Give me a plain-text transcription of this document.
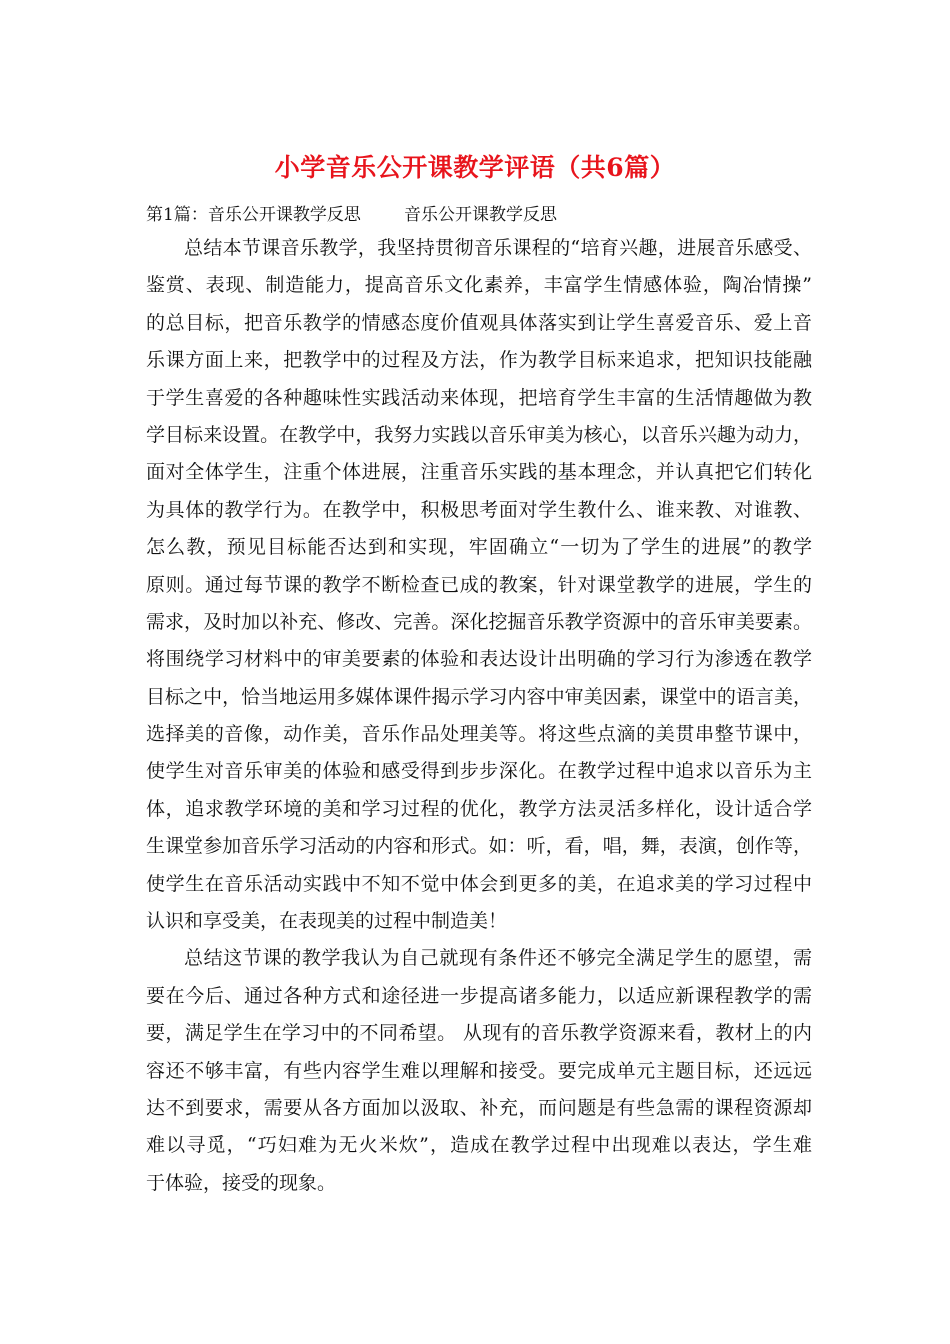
小学音乐公开课教学评语（共6篇）
第1篇：音乐公开课教学反思        音乐公开课教学反思
总结本节课音乐教学，我坚持贯彻音乐课程的“培育兴趣，进展音乐感受、
鉴赏、表现、制造能力，提高音乐文化素养，丰富学生情感体验，陶冶情操”
的总目标，把音乐教学的情感态度价值观具体落实到让学生喜爱音乐、爱上音
乐课方面上来，把教学中的过程及方法，作为教学目标来追求，把知识技能融
于学生喜爱的各种趣味性实践活动来体现，把培育学生丰富的生活情趣做为教
学目标来设置。在教学中，我努力实践以音乐审美为核心，以音乐兴趣为动力，
面对全体学生，注重个体进展，注重音乐实践的基本理念，并认真把它们转化
为具体的教学行为。在教学中，积极思考面对学生教什么、谁来教、对谁教、
怎么教，预见目标能否达到和实现，牢固确立“一切为了学生的进展”的教学
原则。通过每节课的教学不断检查已成的教案，针对课堂教学的进展，学生的
需求，及时加以补充、修改、完善。深化挖掘音乐教学资源中的音乐审美要素。
将围绕学习材料中的审美要素的体验和表达设计出明确的学习行为渗透在教学
目标之中，恰当地运用多媒体课件揭示学习内容中审美因素，课堂中的语言美，
选择美的音像，动作美，音乐作品处理美等。将这些点滴的美贯串整节课中，
使学生对音乐审美的体验和感受得到步步深化。在教学过程中追求以音乐为主
体，追求教学环境的美和学习过程的优化，教学方法灵活多样化，设计适合学
生课堂参加音乐学习活动的内容和形式。如：听，看，唱，舞，表演，创作等，
使学生在音乐活动实践中不知不觉中体会到更多的美，在追求美的学习过程中
认识和享受美，在表现美的过程中制造美！
总结这节课的教学我认为自己就现有条件还不够完全满足学生的愿望，需
要在今后、通过各种方式和途径进一步提高诸多能力，以适应新课程教学的需
要，满足学生在学习中的不同希望。 从现有的音乐教学资源来看，教材上的内
容还不够丰富，有些内容学生难以理解和接受。要完成单元主题目标，还远远
达不到要求，需要从各方面加以汲取、补充，而问题是有些急需的课程资源却
难以寻觅，“巧妇难为无火米炊”，造成在教学过程中出现难以表达，学生难
于体验，接受的现象。
